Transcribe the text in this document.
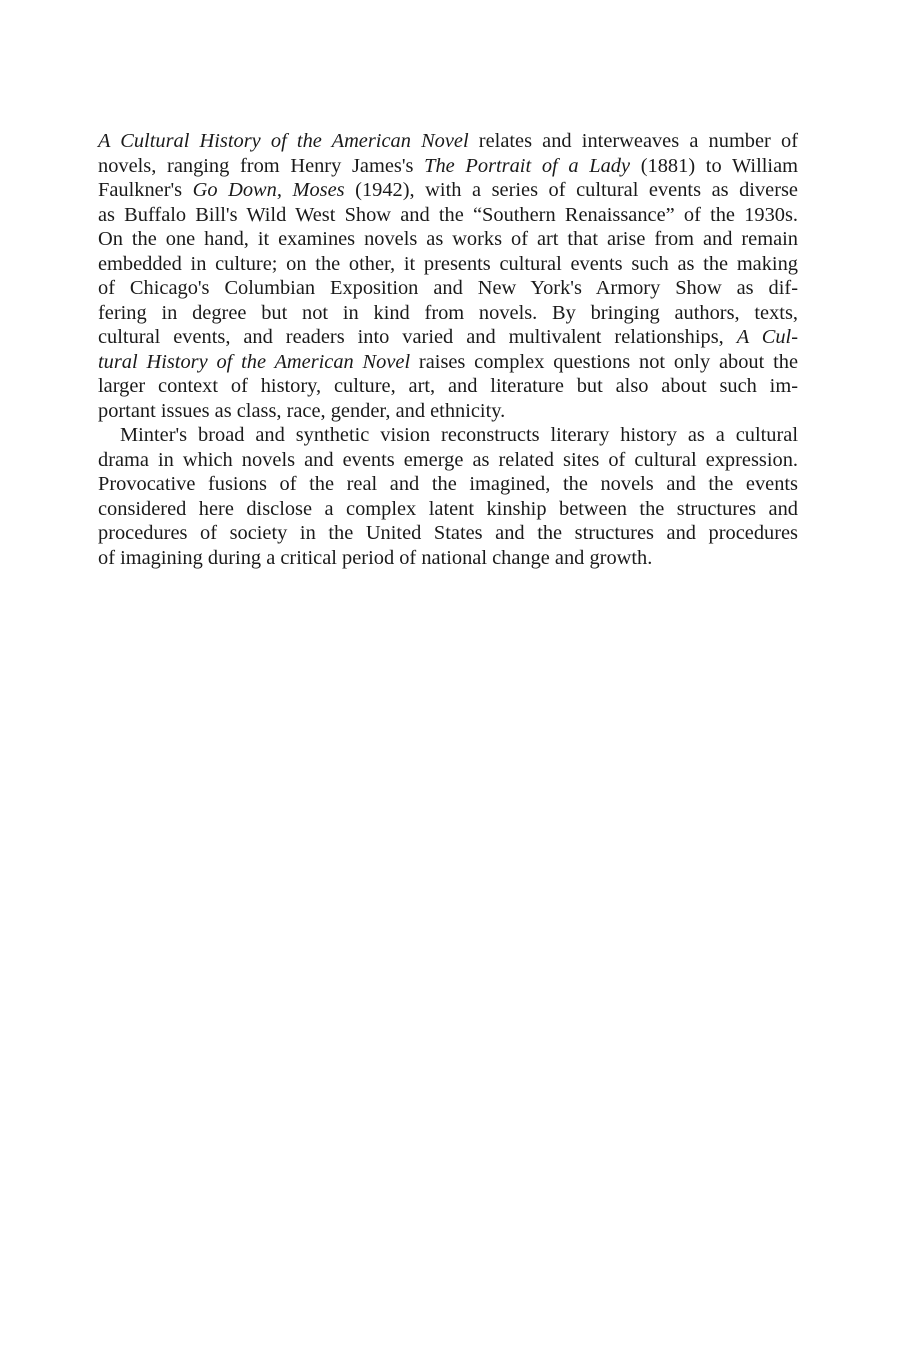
A Cultural History of the American Novel relates and interweaves a number of
novels, ranging from Henry James's The Portrait of a Lady (1881) to William
Faulkner's Go Down, Moses (1942), with a series of cultural events as diverse
as Buffalo Bill's Wild West Show and the “Southern Renaissance” of the 1930s.
On the one hand, it examines novels as works of art that arise from and remain
embedded in culture; on the other, it presents cultural events such as the making
of Chicago's Columbian Exposition and New York's Armory Show as dif-
fering in degree but not in kind from novels. By bringing authors, texts,
cultural events, and readers into varied and multivalent relationships, A Cul-
tural History of the American Novel raises complex questions not only about the
larger context of history, culture, art, and literature but also about such im-
portant issues as class, race, gender, and ethnicity.
Minter's broad and synthetic vision reconstructs literary history as a cultural
drama in which novels and events emerge as related sites of cultural expression.
Provocative fusions of the real and the imagined, the novels and the events
considered here disclose a complex latent kinship between the structures and
procedures of society in the United States and the structures and procedures
of imagining during a critical period of national change and growth.
